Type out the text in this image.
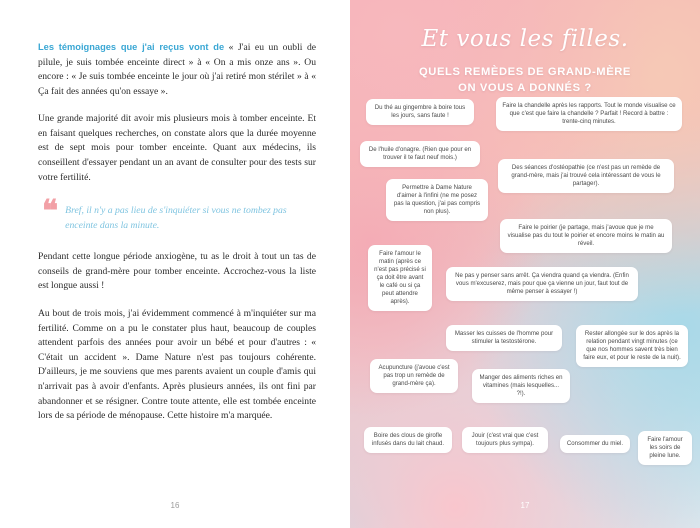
Les témoignages que j'ai reçus vont de « J'ai eu un oubli de pilule, je suis tombée enceinte direct » à « On a mis onze ans ». Ou encore : « Je suis tombée enceinte le jour où j'ai retiré mon stérilet » à « Ça fait des années qu'on essaye ».

Une grande majorité dit avoir mis plusieurs mois à tomber enceinte. Et en faisant quelques recherches, on constate alors que la durée moyenne est de sept mois pour tomber enceinte. Quant aux médecins, ils conseillent d'essayer pendant un an avant de consulter pour des tests sur votre fertilité.

❝ Bref, il n'y a pas lieu de s'inquiéter si vous ne tombez pas enceinte dans la minute.

Pendant cette longue période anxiogène, tu as le droit à tout un tas de conseils de grand-mère pour tomber enceinte. Accrochez-vous la liste est longue aussi !

Au bout de trois mois, j'ai évidemment commencé à m'inquiéter sur ma fertilité. Comme on a pu le constater plus haut, beaucoup de couples attendent parfois des années pour avoir un bébé et pour d'autres : « C'était un accident ». Dame Nature n'est pas toujours cohérente. D'ailleurs, je me souviens que mes parents avaient un couple d'amis qui n'arrivait pas à avoir d'enfants. Après plusieurs années, ils ont fini par abandonner et se résigner. Contre toute attente, elle est tombée enceinte lors de sa période de ménopause. Cette histoire m'a marquée.

16
Et vous les filles.
QUELS REMÈDES DE GRAND-MÈRE
ON VOUS A DONNÉS ?
Du thé au gingembre à boire tous les jours, sans faute !
Faire la chandelle après les rapports. Tout le monde visualise ce que c'est que faire la chandelle ? Parfait ! Record à battre : trente-cinq minutes.
De l'huile d'onagre. (Rien que pour en trouver il te faut neuf mois.)
Des séances d'ostéopathie (ce n'est pas un remède de grand-mère, mais j'ai trouvé cela intéressant de vous le partager).
Permettre à Dame Nature d'aimer à l'infini (ne me posez pas la question, j'ai pas compris non plus).
Faire le poirier (je partage, mais j'avoue que je me visualise pas du tout le poirier et encore moins le matin au réveil.
Faire l'amour le matin (après ce n'est pas précisé si ça doit être avant le café ou si ça peut attendre après).
Ne pas y penser sans arrêt. Ça viendra quand ça viendra. (Enfin vous m'excuserez, mais pour que ça vienne un jour, faut tout de même penser à essayer !)
Masser les cuisses de l'homme pour stimuler la testostérone.
Rester allongée sur le dos après la relation pendant vingt minutes (ce que nos hommes savent très bien faire eux, et pour le reste de la nuit).
Acupuncture (j'avoue c'est pas trop un remède de grand-mère ça).
Manger des aliments riches en vitamines (mais lesquelles... ?!).
Boire des clous de girofle infusés dans du lait chaud.
Jouir (c'est vrai que c'est toujours plus sympa).	Consommer du miel.
Faire l'amour les soirs de pleine lune.
17
